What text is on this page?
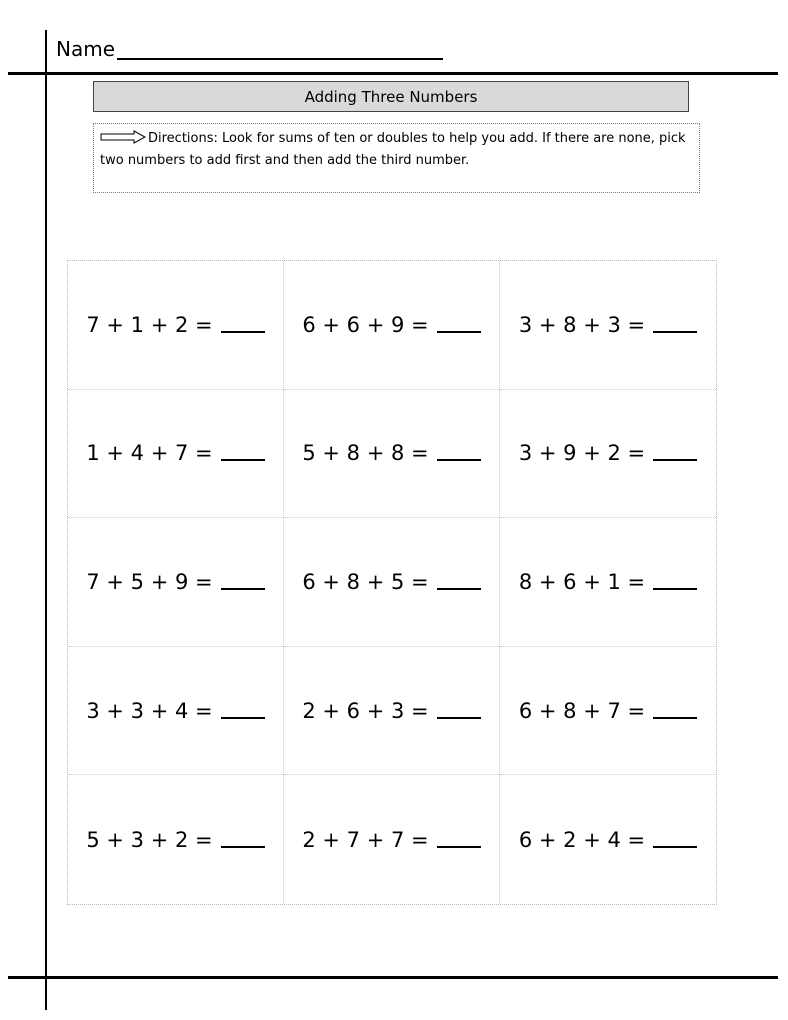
Name
Adding Three Numbers
Directions: Look for sums of ten or doubles to help you add. If there are none, pick two numbers to add first and then add the third number.
7 + 1 + 2 =	6 + 6 + 9 =	3 + 8 + 3 =
1 + 4 + 7 =	5 + 8 + 8 =	3 + 9 + 2 =
7 + 5 + 9 =	6 + 8 + 5 =	8 + 6 + 1 =
3 + 3 + 4 =	2 + 6 + 3 =	6 + 8 + 7 =
5 + 3 + 2 =	2 + 7 + 7 =	6 + 2 + 4 =
